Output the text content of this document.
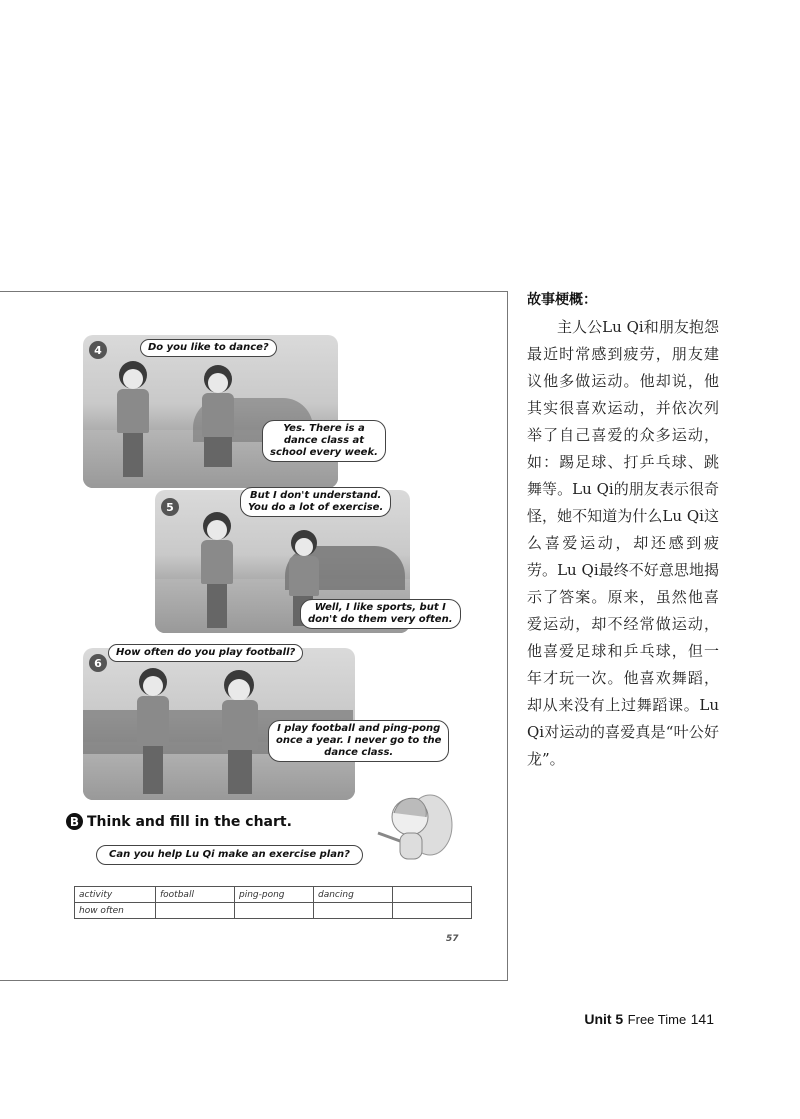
4	Do you like to dance?
Yes. There is a
dance class at
school every week.
5
But I don't understand.
You do a lot of exercise.
Well, I like sports, but I
don't do them very often.
6
How often do you play football?
I play football and ping-pong
once a year. I never go to the
dance class.
B Think and fill in the chart.
Can you help Lu Qi make an exercise plan?
activity	football	ping-pong	dancing	
how often				
57
故事梗概：

主人公Lu Qi和朋友抱怨最近时常感到疲劳，朋友建议他多做运动。他却说，他其实很喜欢运动，并依次列举了自己喜爱的众多运动，如：踢足球、打乒乓球、跳舞等。Lu Qi的朋友表示很奇怪，她不知道为什么Lu Qi这么喜爱运动，却还感到疲劳。Lu Qi最终不好意思地揭示了答案。原来，虽然他喜爱运动，却不经常做运动，他喜爱足球和乒乓球，但一年才玩一次。他喜欢舞蹈，却从来没有上过舞蹈课。Lu Qi对运动的喜爱真是“叶公好龙”。

Unit 5 Free Time 141
